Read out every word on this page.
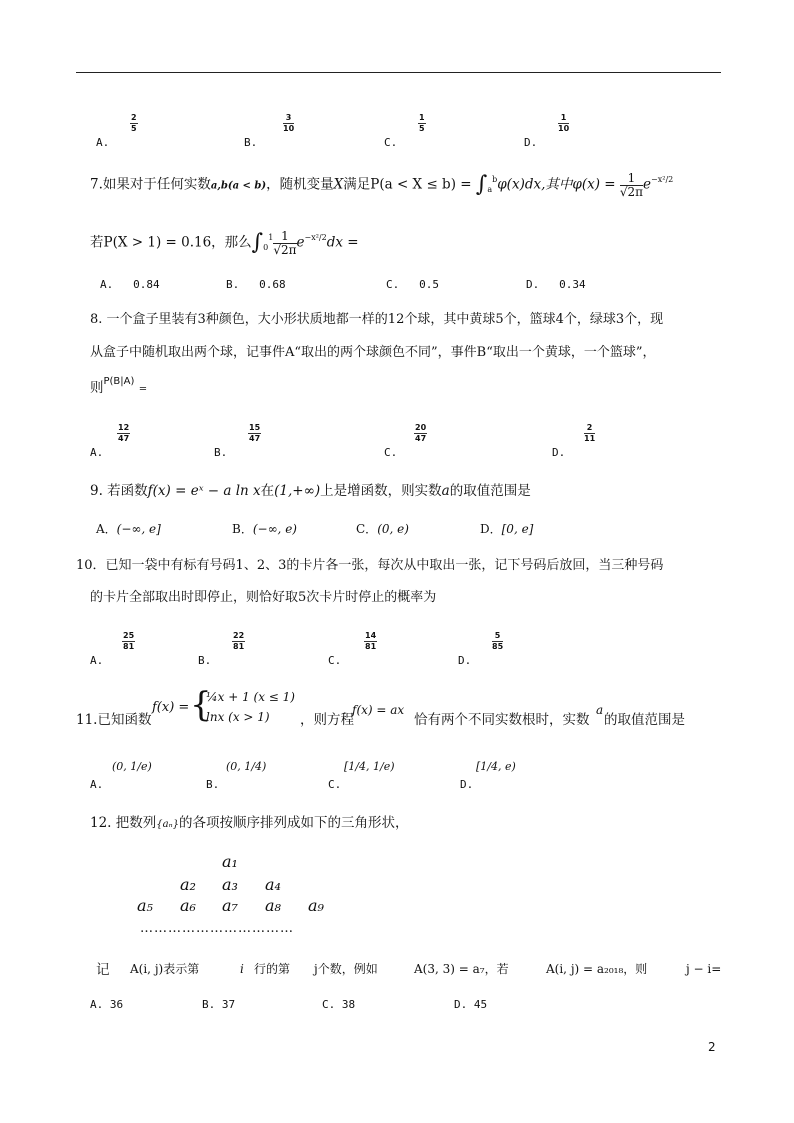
A.
2
5
B.
3
10
C.
1
5
D.
1
10
7.如果对于任何实数a,b(a < b)，随机变量X满足$P(a < X \le b) = \int_a^b\varphi(x)dx$,其中$\varphi(x) = \frac{1}{√2\pi} e^{-x^2/2}$
若P(X > 1) = 0.16，那么$\int_0^1 \frac{1}{√2\pi} e^{-x^2/2}dx$ =
A. 0.84	B. 0.68	C. 0.5	D. 0.34
8. 一个盒子里装有3种颜色，大小形状质地都一样的12个球，其中黄球5个，篮球4个，绿球3个，现
从盒子中随机取出两个球，记事件A“取出的两个球颜色不同”，事件B“取出一个黄球，一个篮球”，
则$^{P(B|A)}$ =
A.
12
47
B.
15
47
C.
20
47
D.
2
11
9. 若函数f(x) = eˣ − a ln x在(1,+∞)上是增函数，则实数a的取值范围是
A．(−∞, e]	B．(−∞, e)	C．(0, e)	D．[0, e]
10．已知一袋中有标有号码1、2、3的卡片各一张，每次从中取出一张，记下号码后放回，当三种号码
的卡片全部取出时即停止，则恰好取5次卡片时停止的概率为
A.
25
81
B.
22
81
C.
14
81
D.
5
85
11.已知函数
f(x) = {
¼x + 1 (x ≤ 1)
lnx (x > 1) ，则方程
f(x) = ax
恰有两个不同实数根时，实数
a
的取值范围是
A.
(0, 1/e)
B.
(0, 1/4)
C.
[1/4, 1/e)
D.
[1/4, e)
12. 把数列{aₙ}的各项按顺序排列成如下的三角形状，
a₁
a₂ a₃ a₄
a₅ a₆ a₇ a₈ a₉
……………………………
记 A(i, j)表示第	i 行的第 j个数，例如	A(3, 3) = a₇，若	A(i, j) = a₂₀₁₈，则	j − i=
A. 36	B. 37	C. 38	D. 45
2
